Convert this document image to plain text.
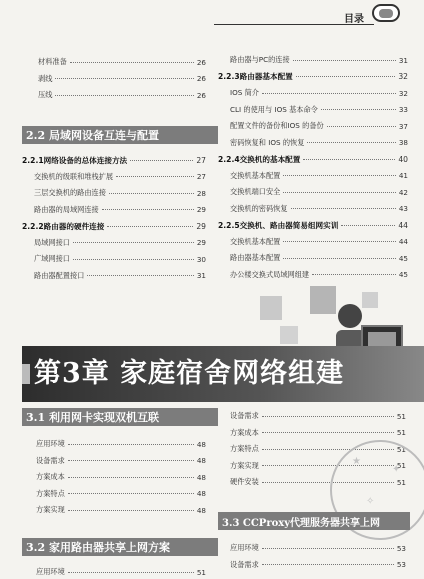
目录
材料准备	26
剥线	26
压线	26
2.2 局域网设备互连与配置
2.2.1网络设备的总体连接方法	27
交换机的级联和堆栈扩展	27
三层交换机的路由连接	28
路由器的局域网连接	29
2.2.2路由器的硬件连接	29
局域网接口	29
广域网接口	30
路由器配置接口	31
路由器与PC的连接	31
2.2.3路由器基本配置	32
IOS 简介	32
CLI 的使用与 IOS 基本命令	33
配置文件的备份和IOS 的备份	37
密码恢复和 IOS 的恢复	38
2.2.4交换机的基本配置	40
交换机基本配置	41
交换机端口安全	42
交换机的密码恢复	43
2.2.5交换机、路由器简易组网实训	44
交换机基本配置	44
路由器基本配置	45
办公楼交换式局域网组建	45
第3章 家庭宿舍网络组建
3.1 利用网卡实现双机互联
应用环境	48
设备需求	48
方案成本	48
方案特点	48
方案实现	48
3.2 家用路由器共享上网方案
应用环境	51
设备需求	51
方案成本	51
方案特点	51
方案实现	51
硬件安装	51
★
✦
✧
3.3 CCProxy代理服务器共享上网
应用环境	53
设备需求	53
